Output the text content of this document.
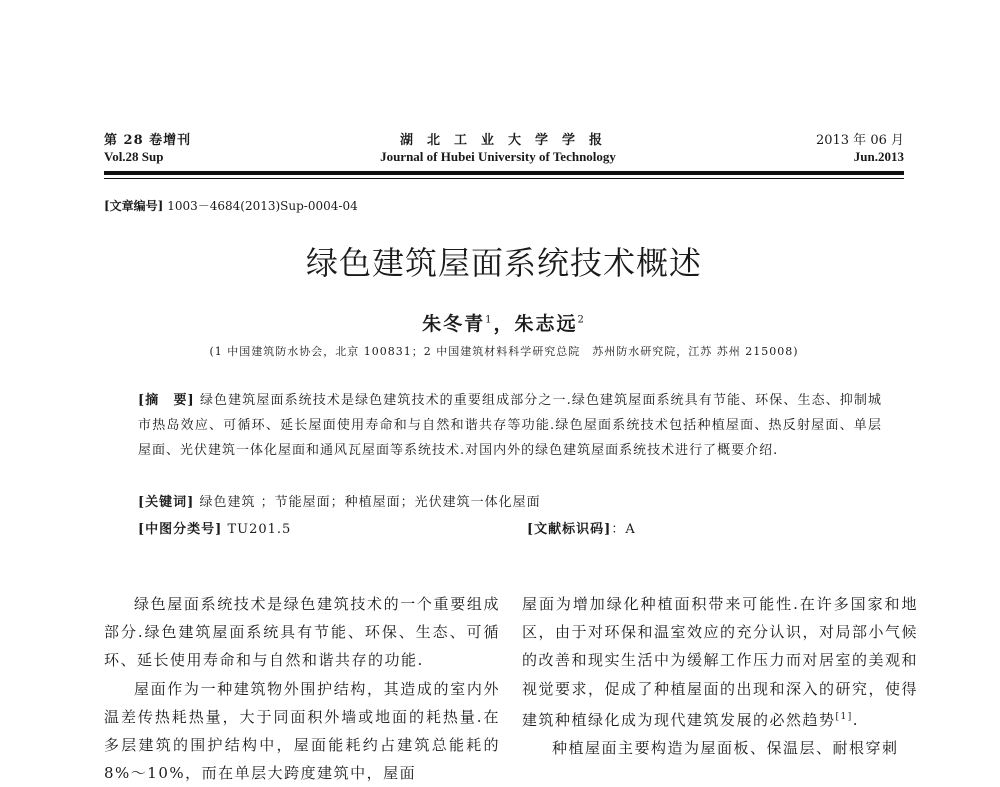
第 28 卷增刊
Vol.28 Sup
湖北工业大学学报
Journal of Hubei University of Technology
2013 年 06 月
Jun.2013
[文章编号] 1003－4684(2013)Sup-0004-04
绿色建筑屋面系统技术概述
朱冬青$^1$，朱志远$^2$
(1 中国建筑防水协会，北京 100831；2 中国建筑材料科学研究总院　苏州防水研究院，江苏 苏州 215008)
[摘　要] 绿色建筑屋面系统技术是绿色建筑技术的重要组成部分之一.绿色建筑屋面系统具有节能、环保、生态、抑制城市热岛效应、可循环、延长屋面使用寿命和与自然和谐共存等功能.绿色屋面系统技术包括种植屋面、热反射屋面、单层屋面、光伏建筑一体化屋面和通风瓦屋面等系统技术.对国内外的绿色建筑屋面系统技术进行了概要介绍.
[关键词] 绿色建筑 ；节能屋面；种植屋面；光伏建筑一体化屋面
[中图分类号] TU201.5	[文献标识码]：A

绿色屋面系统技术是绿色建筑技术的一个重要组成部分.绿色建筑屋面系统具有节能、环保、生态、可循环、延长使用寿命和与自然和谐共存的功能.

屋面作为一种建筑物外围护结构，其造成的室内外温差传热耗热量，大于同面积外墙或地面的耗热量.在多层建筑的围护结构中，屋面能耗约占建筑总能耗的 8%～10%，而在单层大跨度建筑中，屋面

屋面为增加绿化种植面积带来可能性.在许多国家和地区，由于对环保和温室效应的充分认识，对局部小气候的改善和现实生活中为缓解工作压力而对居室的美观和视觉要求，促成了种植屋面的出现和深入的研究，使得建筑种植绿化成为现代建筑发展的必然趋势[1].

种植屋面主要构造为屋面板、保温层、耐根穿刺
